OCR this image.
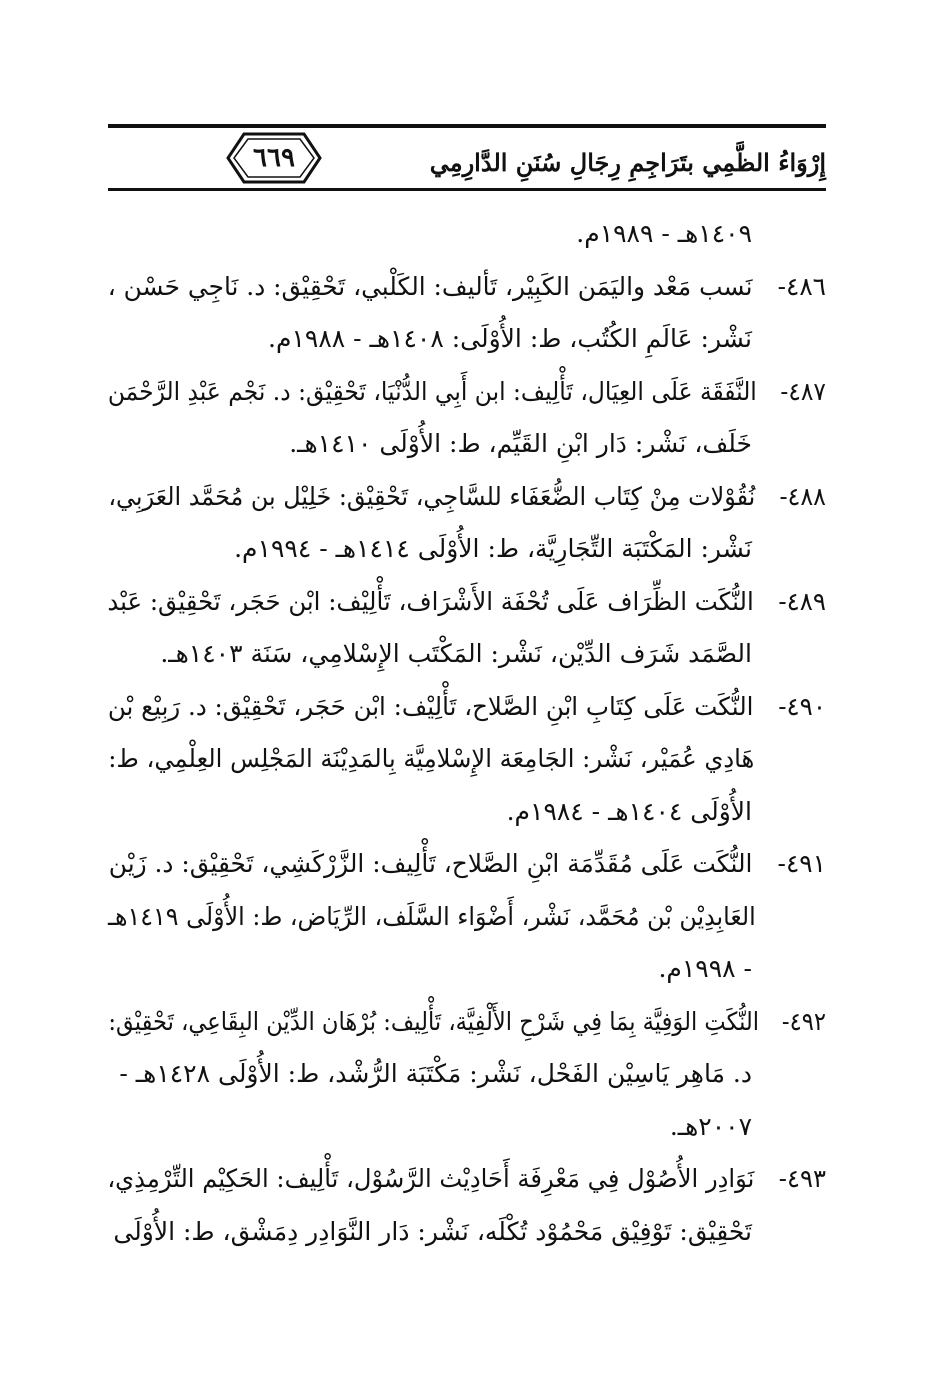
إِرْوَاءُ الظَّمِي بتَرَاجِمِ رِجَالِ سُنَنِ الدَّارِمِي
٦٦٩
١٤٠٩هـ - ١٩٨٩م.
٤٨٦-نَسب مَعْد واليَمَن الكَبِيْر، تَأليف: الكَلْبي، تَحْقِيْق: د. نَاجِي حَسْن ،
نَشْر: عَالَمِ الكُتُب، ط: الأُوْلَى: ١٤٠٨هـ - ١٩٨٨م.
٤٨٧-النَّفَقَة عَلَى العِيَال، تَأْلِيف: ابن أَبِي الدُّنْيَا، تَحْقِيْق: د. نَجْم عَبْدِ الرَّحْمَن
خَلَف، نَشْر: دَار ابْنِ القَيِّم، ط: الأُوْلَى ١٤١٠هـ.
٤٨٨-نُقُوْلات مِنْ كِتَاب الضُّعَفَاء للسَّاجِي، تَحْقِيْق: خَلِيْل بن مُحَمَّد العَرَبِي،
نَشْر: المَكْتَبَة التِّجَارِيَّة، ط: الأُوْلَى ١٤١٤هـ - ١٩٩٤م.
٤٨٩-النُّكَت الظِّرَاف عَلَى تُحْفَة الأَشْرَاف، تَأْلِيْف: ابْن حَجَر، تَحْقِيْق: عَبْد
الصَّمَد شَرَف الدِّيْن، نَشْر: المَكْتَب الإِسْلامِي، سَنَة ١٤٠٣هـ.
٤٩٠-النُّكَت عَلَى كِتَابِ ابْنِ الصَّلاح، تَأْلِيْف: ابْن حَجَر، تَحْقِيْق: د. رَبِيْع بْن
هَادِي عُمَيْر، نَشْر: الجَامِعَة الإِسْلامِيَّة بِالمَدِيْنَة المَجْلِس العِلْمِي، ط:
الأُوْلَى ١٤٠٤هـ - ١٩٨٤م.
٤٩١-النُّكَت عَلَى مُقَدِّمَة ابْنِ الصَّلاح، تَأْلِيف: الزَّرْكَشِي، تَحْقِيْق: د. زَيْن
العَابِدِيْن بْن مُحَمَّد، نَشْر، أَضْوَاء السَّلَف، الرِّيَاض، ط: الأُوْلَى ١٤١٩هـ
- ١٩٩٨م.
٤٩٢-النُّكَتِ الوَفِيَّة بِمَا فِي شَرْحِ الأَلْفِيَّة، تَأْلِيف: بُرْهَان الدِّيْن البِقَاعِي، تَحْقِيْق:
د. مَاهِر يَاسِيْن الفَحْل، نَشْر: مَكْتَبَة الرُّشْد، ط: الأُوْلَى ١٤٢٨هـ -
٢٠٠٧هـ.
٤٩٣-نَوَادِر الأُصُوْل فِي مَعْرِفَة أَحَادِيْث الرَّسُوْل، تَأْلِيف: الحَكِيْم التِّرْمِذِي،
تَحْقِيْق: تَوْفِيْق مَحْمُوْد تُكْلَه، نَشْر: دَار النَّوَادِر دِمَشْق، ط: الأُوْلَى
